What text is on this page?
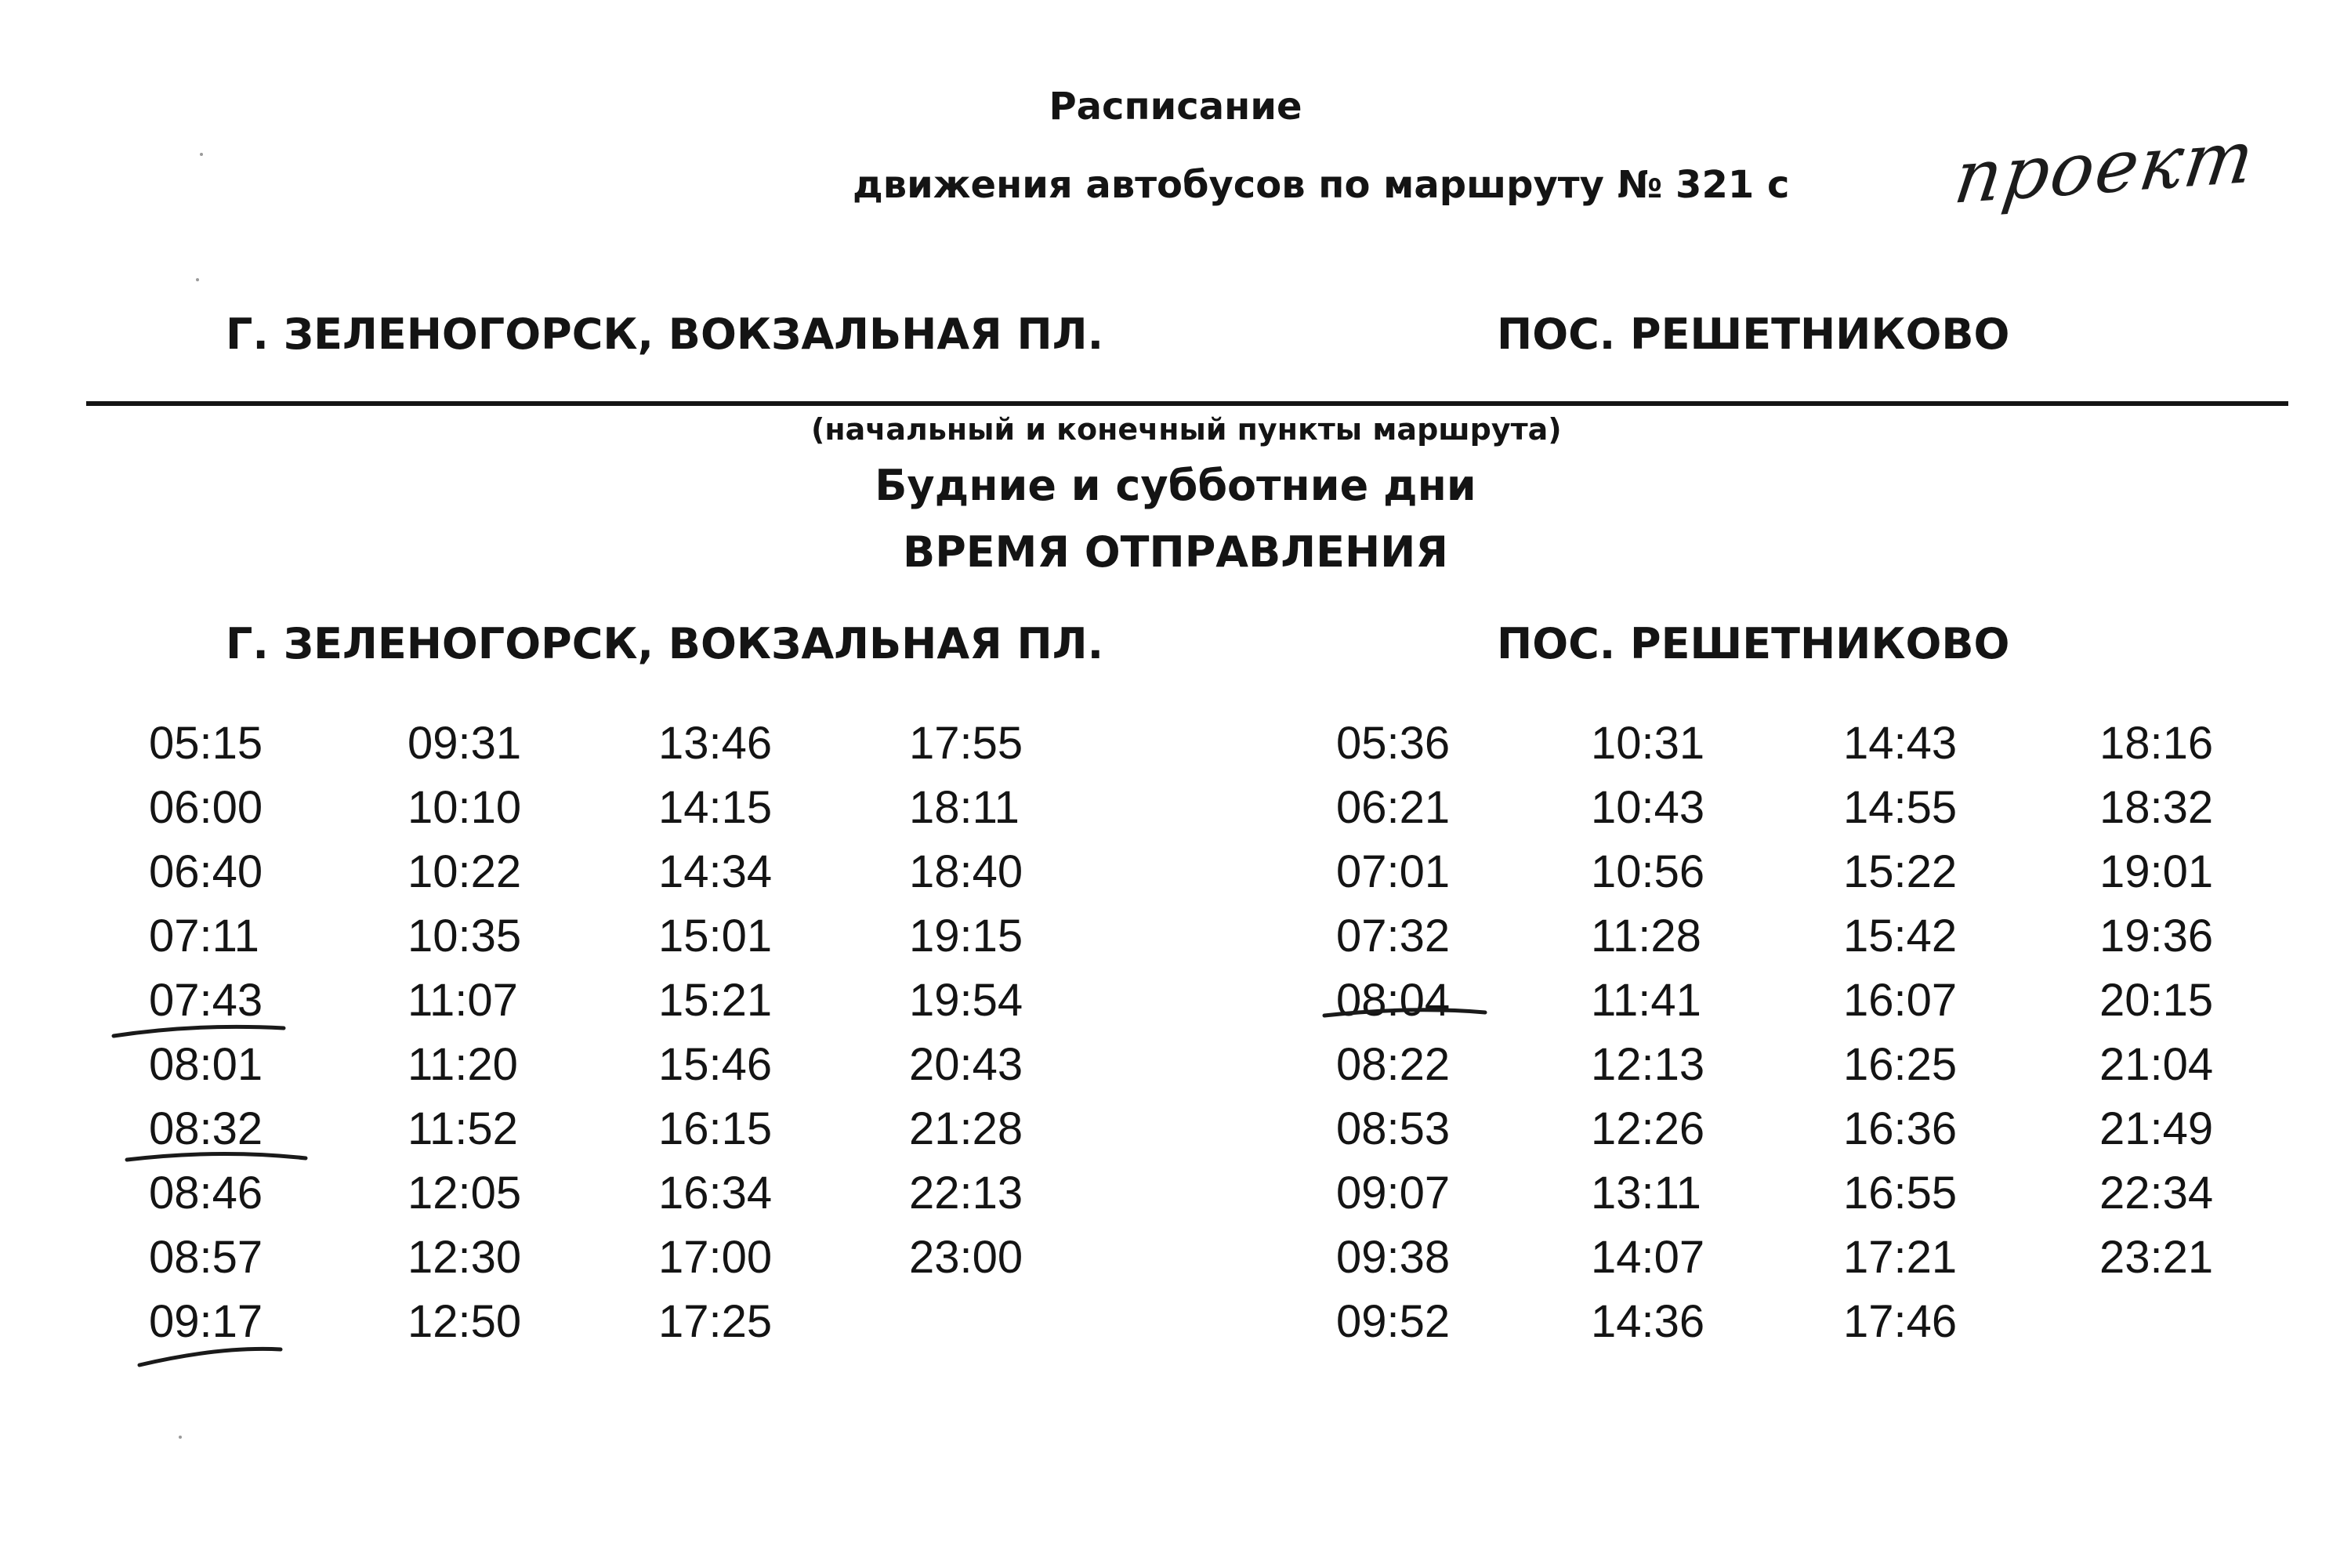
Расписание
движения автобусов по маршруту № 321 с проект
Г. ЗЕЛЕНОГОРСК, ВОКЗАЛЬНАЯ ПЛ.	ПОС. РЕШЕТНИКОВО
(начальный и конечный пункты маршрута)
Будние и субботние дни
ВРЕМЯ ОТПРАВЛЕНИЯ
Г. ЗЕЛЕНОГОРСК, ВОКЗАЛЬНАЯ ПЛ.	ПОС. РЕШЕТНИКОВО
05:15
06:00
06:40
07:11
07:43
08:01
08:32
08:46
08:57
09:17
09:31
10:10
10:22
10:35
11:07
11:20
11:52
12:05
12:30
12:50
13:46
14:15
14:34
15:01
15:21
15:46
16:15
16:34
17:00
17:25
17:55
18:11
18:40
19:15
19:54
20:43
21:28
22:13
23:00
05:36
06:21
07:01
07:32
08:04
08:22
08:53
09:07
09:38
09:52
10:31
10:43
10:56
11:28
11:41
12:13
12:26
13:11
14:07
14:36
14:43
14:55
15:22
15:42
16:07
16:25
16:36
16:55
17:21
17:46
18:16
18:32
19:01
19:36
20:15
21:04
21:49
22:34
23:21
